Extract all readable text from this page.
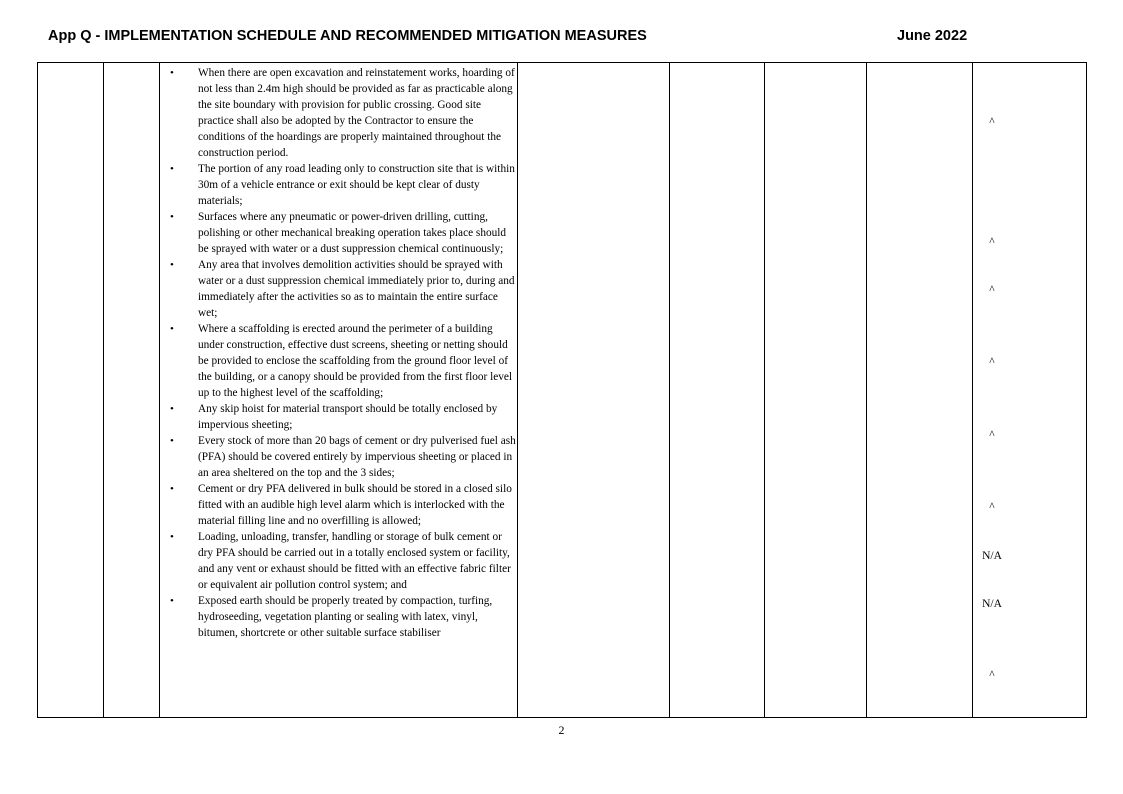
App Q - IMPLEMENTATION SCHEDULE AND RECOMMENDED MITIGATION MEASURES	June 2022
• When there are open excavation and reinstatement works, hoarding of not less than 2.4m high should be provided as far as practicable along the site boundary with provision for public crossing. Good site practice shall also be adopted by the Contractor to ensure the conditions of the hoardings are properly maintained throughout the construction period.
• The portion of any road leading only to construction site that is within 30m of a vehicle entrance or exit should be kept clear of dusty materials;
• Surfaces where any pneumatic or power-driven drilling, cutting, polishing or other mechanical breaking operation takes place should be sprayed with water or a dust suppression chemical continuously;
• Any area that involves demolition activities should be sprayed with water or a dust suppression chemical immediately prior to, during and immediately after the activities so as to maintain the entire surface wet;
• Where a scaffolding is erected around the perimeter of a building under construction, effective dust screens, sheeting or netting should be provided to enclose the scaffolding from the ground floor level of the building, or a canopy should be provided from the first floor level up to the highest level of the scaffolding;
• Any skip hoist for material transport should be totally enclosed by impervious sheeting;
• Every stock of more than 20 bags of cement or dry pulverised fuel ash (PFA) should be covered entirely by impervious sheeting or placed in an area sheltered on the top and the 3 sides;
• Cement or dry PFA delivered in bulk should be stored in a closed silo fitted with an audible high level alarm which is interlocked with the material filling line and no overfilling is allowed;
• Loading, unloading, transfer, handling or storage of bulk cement or dry PFA should be carried out in a totally enclosed system or facility, and any vent or exhaust should be fitted with an effective fabric filter or equivalent air pollution control system; and
• Exposed earth should be properly treated by compaction, turfing, hydroseeding, vegetation planting or sealing with latex, vinyl, bitumen, shortcrete or other suitable surface stabiliser
^
^
^
^
^
^
N/A
N/A
^
2
